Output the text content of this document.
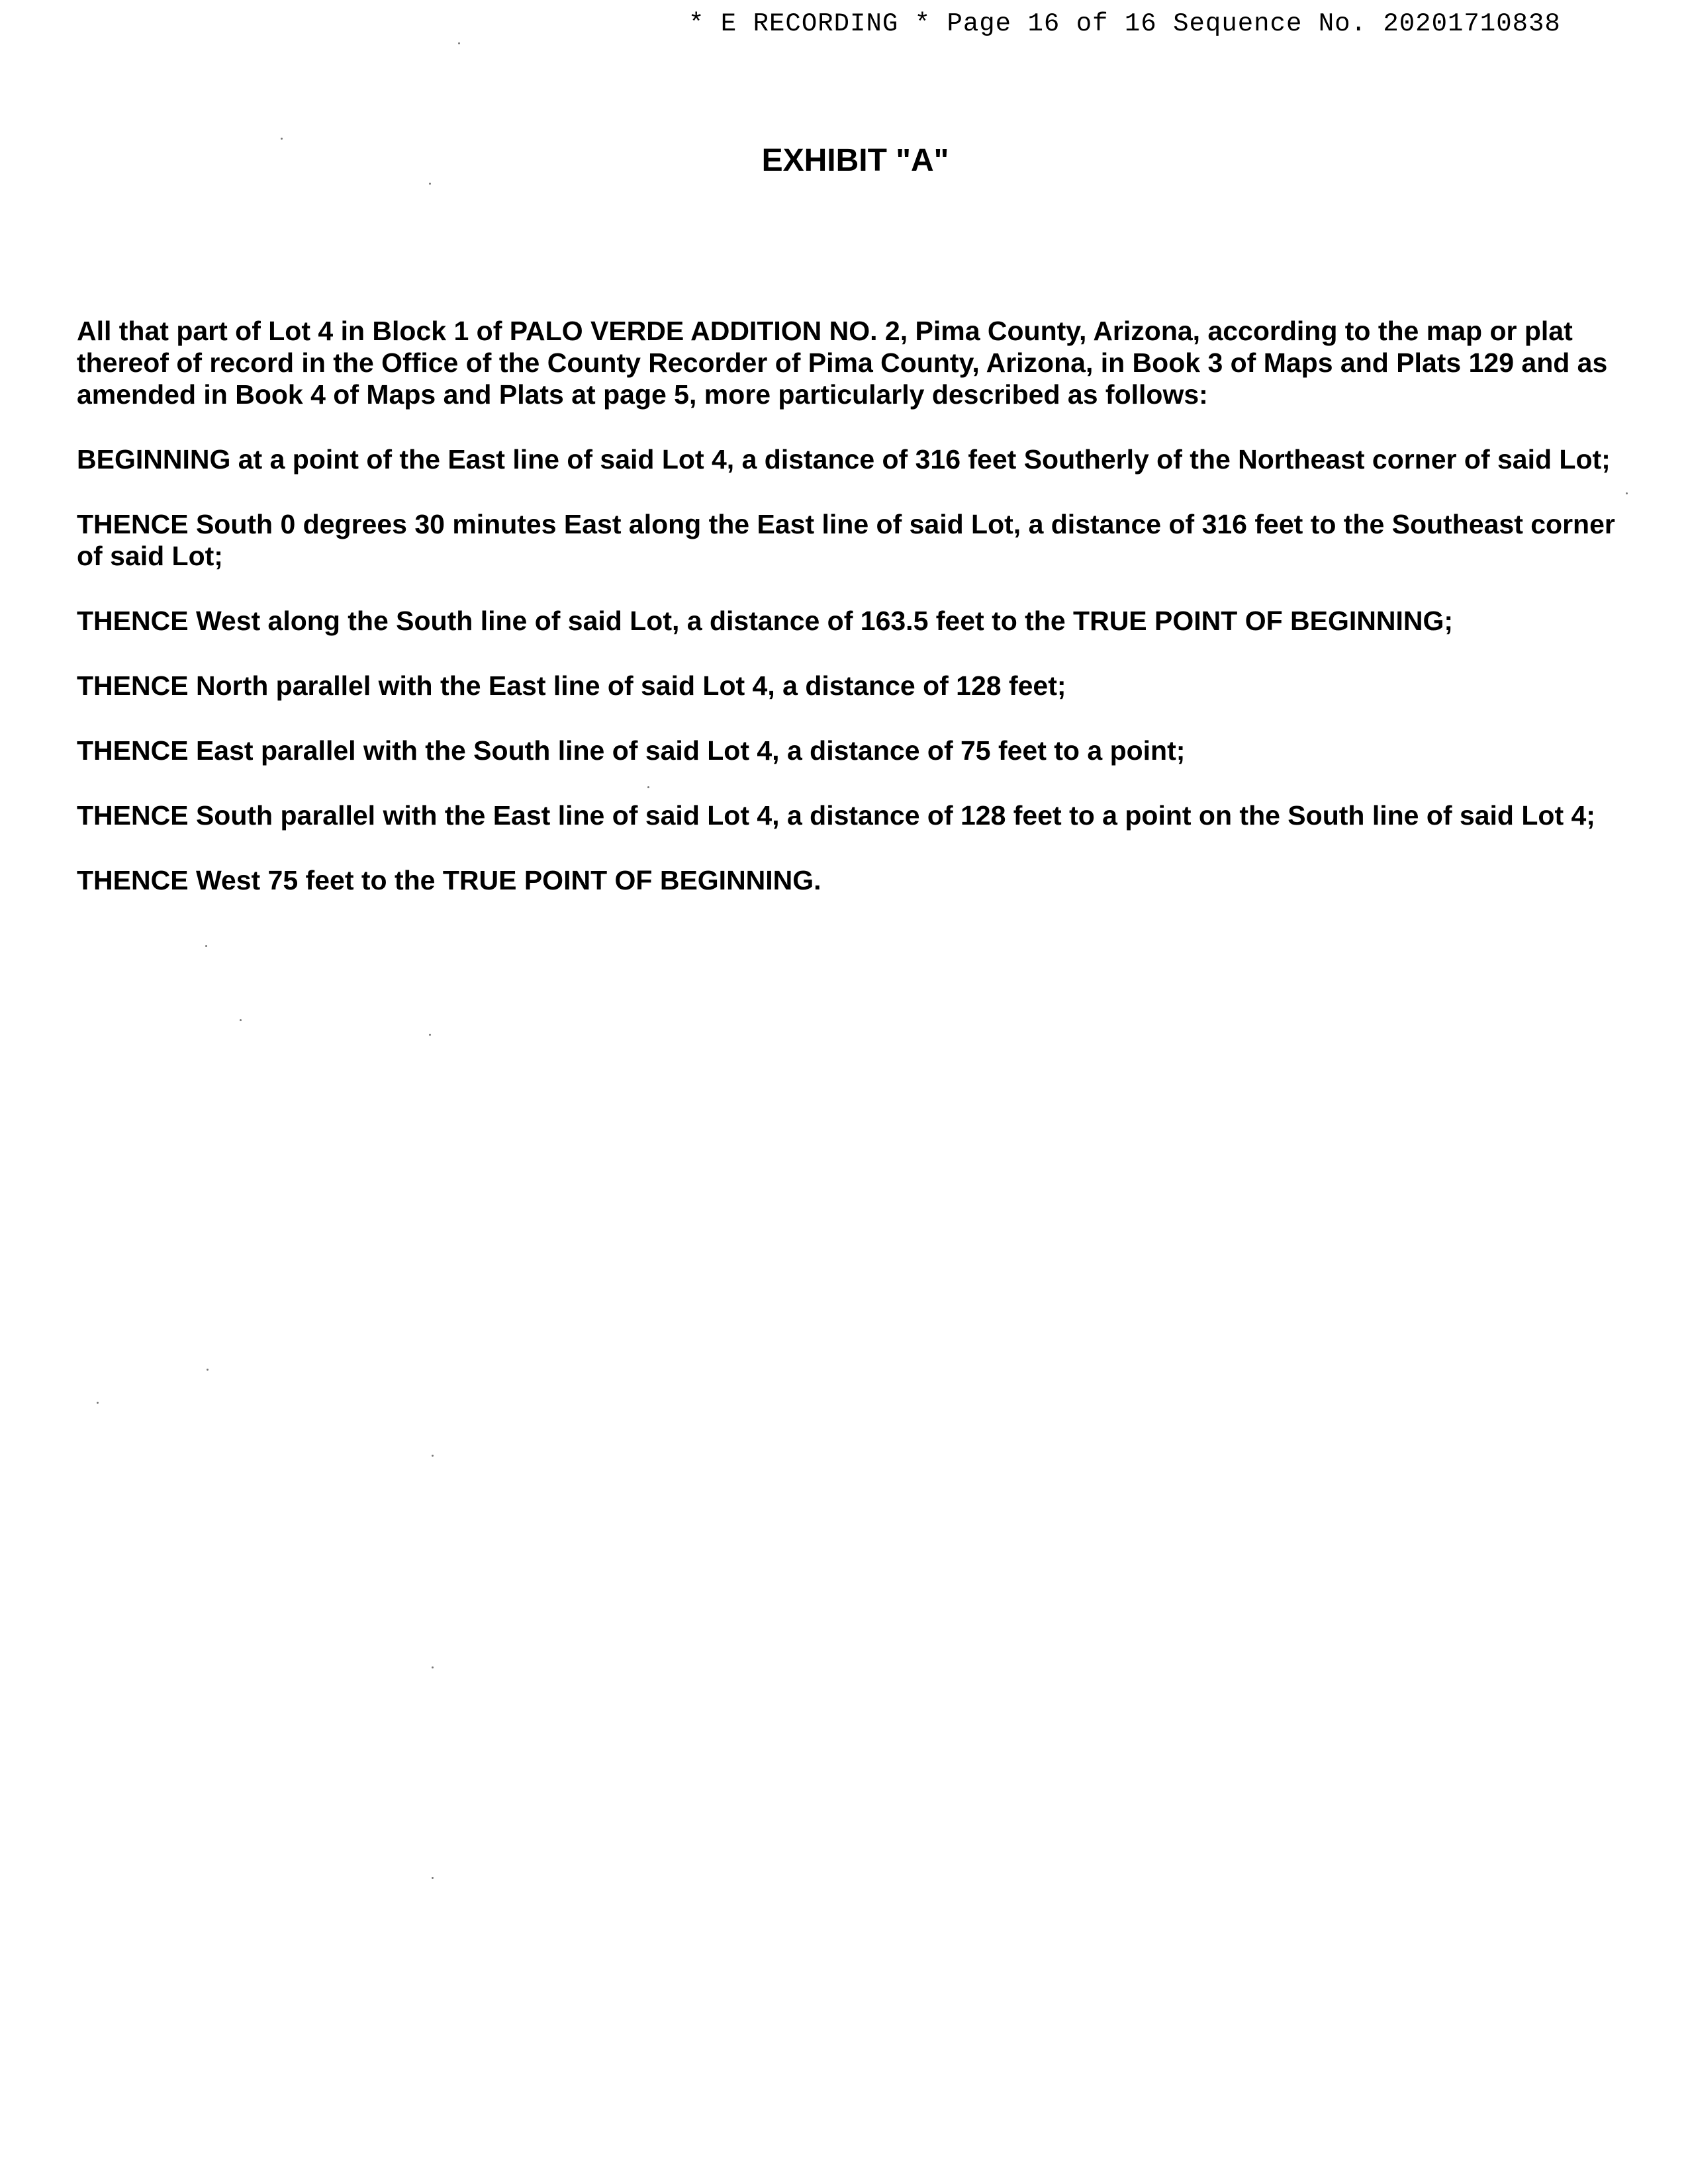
* E RECORDING * Page 16 of 16 Sequence No. 20201710838
EXHIBIT "A"

All that part of Lot 4 in Block 1 of PALO VERDE ADDITION NO. 2, Pima County, Arizona, according to the map or plat thereof of record in the Office of the County Recorder of Pima County, Arizona, in Book 3 of Maps and Plats 129 and as amended in Book 4 of Maps and Plats at page 5, more particularly described as follows:

BEGINNING at a point of the East line of said Lot 4, a distance of 316 feet Southerly of the Northeast corner of said Lot;

THENCE South 0 degrees 30 minutes East along the East line of said Lot, a distance of 316 feet to the Southeast corner of said Lot;

THENCE West along the South line of said Lot, a distance of 163.5 feet to the TRUE POINT OF BEGINNING;

THENCE North parallel with the East line of said Lot 4, a distance of 128 feet;

THENCE East parallel with the South line of said Lot 4, a distance of 75 feet to a point;

THENCE South parallel with the East line of said Lot 4, a distance of 128 feet to a point on the South line of said Lot 4;

THENCE West 75 feet to the TRUE POINT OF BEGINNING.
